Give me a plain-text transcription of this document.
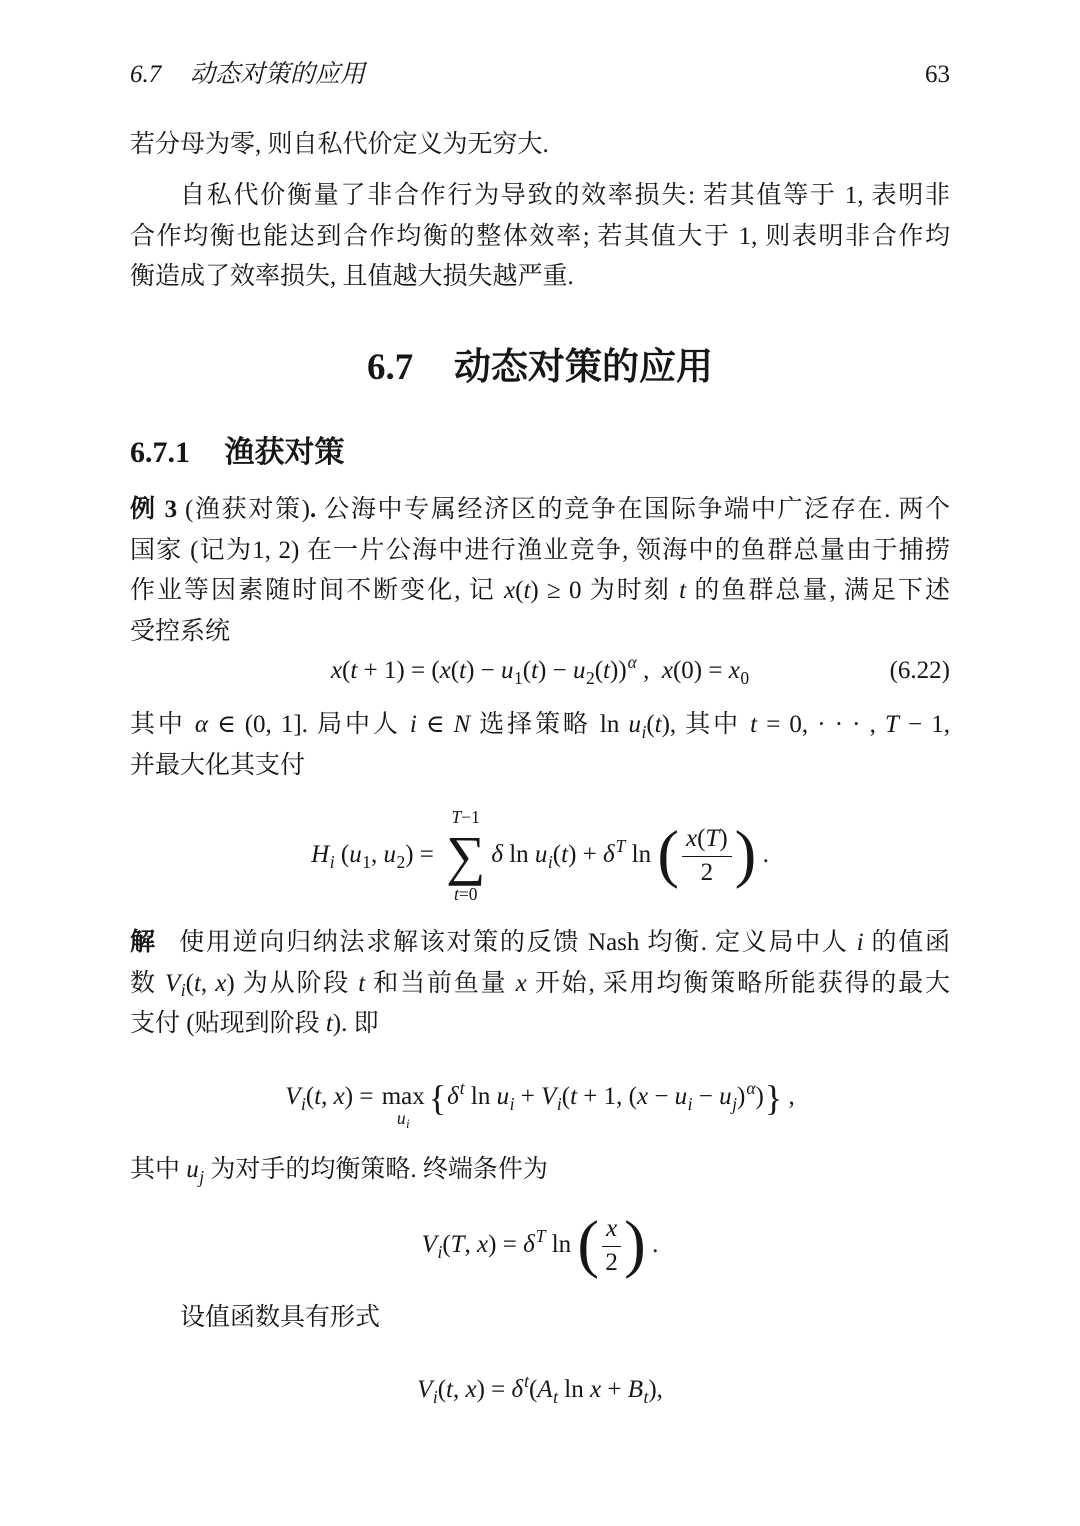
6.7 动态对策的应用	63
若分母为零, 则自私代价定义为无穷大.
自私代价衡量了非合作行为导致的效率损失: 若其值等于 1, 表明非
合作均衡也能达到合作均衡的整体效率; 若其值大于 1, 则表明非合作均
衡造成了效率损失, 且值越大损失越严重.
6.7 动态对策的应用
6.7.1 渔获对策
例 3 (渔获对策). 公海中专属经济区的竞争在国际争端中广泛存在. 两个
国家 (记为1, 2) 在一片公海中进行渔业竞争, 领海中的鱼群总量由于捕捞
作业等因素随时间不断变化, 记 x(t) ≥ 0 为时刻 t 的鱼群总量, 满足下述
受控系统
$x(t + 1) = (x(t) - u_1(t) - u_2(t))^\alpha$ ,  $x(0) = x_0$	(6.22)
其中 α ∈ (0, 1]. 局中人 i ∈ N 选择策略 $\ln u_i(t)$, 其中 t = 0, · · · , T − 1,
并最大化其支付
$H_i$ ($u_1$, $u_2$) =
T−1
∑
t=0
δ $\ln u_i(t) + \delta^T$ ln ( $\frac{x(T)}{2}$ ) .
解 使用逆向归纳法求解该对策的反馈 Nash 均衡. 定义局中人 i 的值函
数 $V_i(t$, x) 为从阶段 t 和当前鱼量 x 开始, 采用均衡策略所能获得的最大
支付 (贴现到阶段 t). 即
$V_i(t$, x) = max
$u_i$
{$\delta^t$ $\ln u_i + V_i(t + 1$, $(x - u_i - u_j)^\alpha$)} ,
其中 $u_j$ 为对手的均衡策略. 终端条件为
$V_i(T$, $x) = \delta^T$ ln ( $\frac{x}{2}$ ) .
设值函数具有形式
$V_i(t$, $x) = \delta^t(A_t$ $\ln x + B_t$),
